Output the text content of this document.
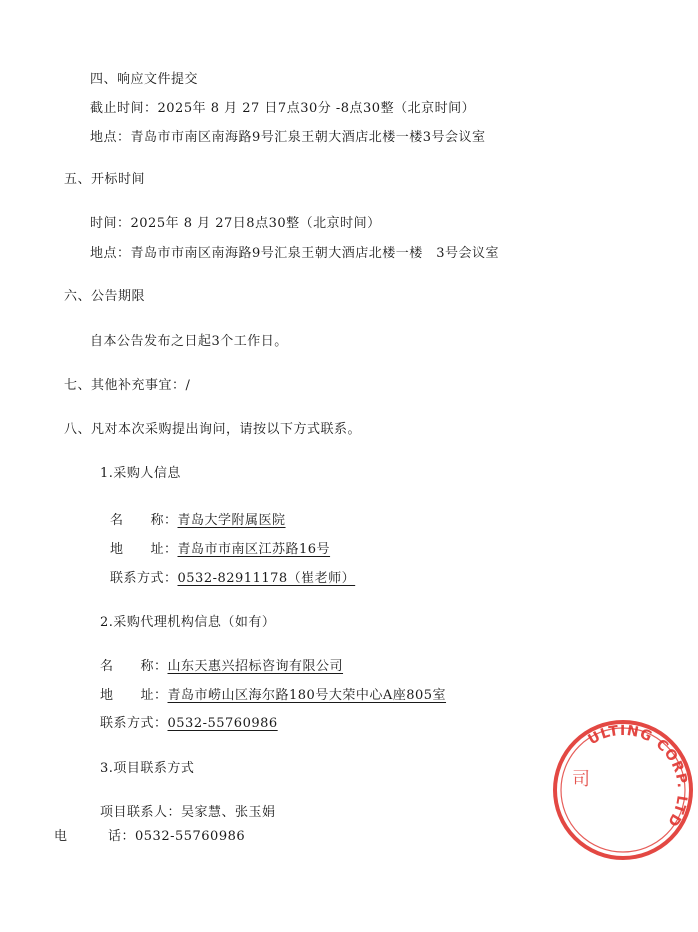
四、响应文件提交
截止时间：2025年 8 月 27 日7点30分 -8点30整（北京时间）
地点：青岛市市南区南海路9号汇泉王朝大酒店北楼一楼3号会议室
五、开标时间
时间：2025年 8 月 27日8点30整（北京时间）
地点：青岛市市南区南海路9号汇泉王朝大酒店北楼一楼　3号会议室
六、公告期限
自本公告发布之日起3个工作日。
七、其他补充事宜：/
八、凡对本次采购提出询问，请按以下方式联系。
1.采购人信息
名　　称：青岛大学附属医院
地　　址：青岛市市南区江苏路16号
联系方式：0532-82911178（崔老师）
2.采购代理机构信息（如有）
名　　称：山东天惠兴招标咨询有限公司
地　　址：青岛市崂山区海尔路180号大荣中心A座805室
联系方式：0532-55760986
3.项目联系方式
项目联系人：吴家慧、张玉娟
电　　　话：0532-55760986
ULTING CORP. LTD
司
